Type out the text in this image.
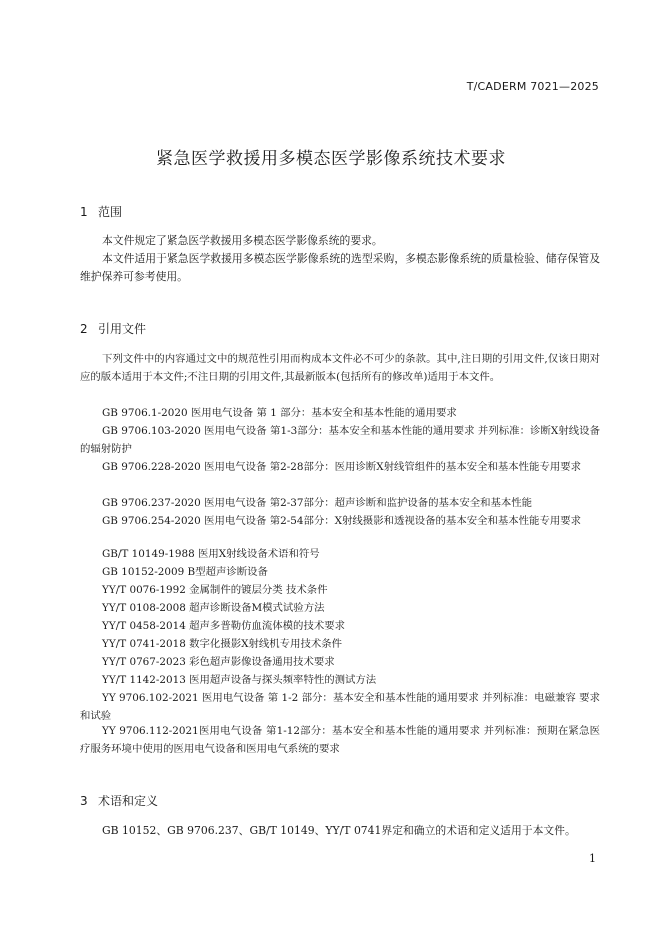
T/CADERM 7021—2025
紧急医学救援用多模态医学影像系统技术要求
1 范围

本文件规定了紧急医学救援用多模态医学影像系统的要求。

本文件适用于紧急医学救援用多模态医学影像系统的选型采购，多模态影像系统的质量检验、储存保管及维护保养可参考使用。

2 引用文件

下列文件中的内容通过文中的规范性引用而构成本文件必不可少的条款。其中,注日期的引用文件,仅该日期对应的版本适用于本文件;不注日期的引用文件,其最新版本(包括所有的修改单)适用于本文件。

GB 9706.1-2020 医用电气设备 第 1 部分：基本安全和基本性能的通用要求

GB 9706.103-2020 医用电气设备 第1-3部分：基本安全和基本性能的通用要求 并列标准：诊断X射线设备的辐射防护

GB 9706.228-2020 医用电气设备 第2-28部分：医用诊断X射线管组件的基本安全和基本性能专用要求

GB 9706.237-2020 医用电气设备 第2-37部分：超声诊断和监护设备的基本安全和基本性能

GB 9706.254-2020 医用电气设备 第2-54部分：X射线摄影和透视设备的基本安全和基本性能专用要求

GB/T 10149-1988 医用X射线设备术语和符号

GB 10152-2009 B型超声诊断设备

YY/T 0076-1992 金属制件的镀层分类 技术条件

YY/T 0108-2008 超声诊断设备M模式试验方法

YY/T 0458-2014 超声多普勒仿血流体模的技术要求

YY/T 0741-2018 数字化摄影X射线机专用技术条件

YY/T 0767-2023 彩色超声影像设备通用技术要求

YY/T 1142-2013 医用超声设备与探头频率特性的测试方法

YY 9706.102-2021 医用电气设备 第 1-2 部分：基本安全和基本性能的通用要求 并列标准：电磁兼容 要求和试验

YY 9706.112-2021医用电气设备 第1-12部分：基本安全和基本性能的通用要求 并列标准：预期在紧急医疗服务环境中使用的医用电气设备和医用电气系统的要求

3 术语和定义

GB 10152、GB 9706.237、GB/T 10149、YY/T 0741界定和确立的术语和定义适用于本文件。

1
